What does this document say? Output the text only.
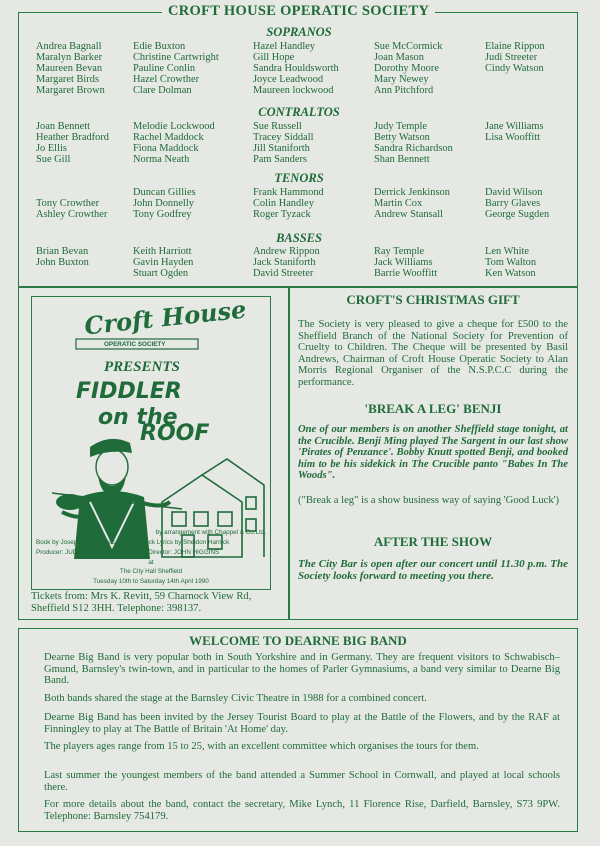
CROFT HOUSE OPERATIC SOCIETY
SOPRANOS
CONTRALTOS
TENORS
BASSES
Andrea Bagnall
Maralyn Barker
Maureen Bevan
Margaret Birds
Margaret Brown
Edie Buxton
Christine Cartwright
Pauline Conlin
Hazel Crowther
Clare Dolman
Hazel Handley
Gill Hope
Sandra Houldsworth
Joyce Leadwood
Maureen lockwood
Sue McCormick
Joan Mason
Dorothy Moore
Mary Newey
Ann Pitchford
Elaine Rippon
Judi Streeter
Cindy Watson
Joan Bennett
Heather Bradford
Jo Ellis
Sue Gill
Melodie Lockwood
Rachel Maddock
Fiona Maddock
Norma Neath
Sue Russell
Tracey Siddall
Jill Staniforth
Pam Sanders
Judy Temple
Betty Watson
Sandra Richardson
Shan Bennett
Jane Williams
Lisa Wooffitt
Tony Crowther
Ashley Crowther
Duncan Gillies
John Donnelly
Tony Godfrey
Frank Hammond
Colin Handley
Roger Tyzack
Derrick Jenkinson
Martin Cox
Andrew Stansall
David Wilson
Barry Glaves
George Sugden
Brian Bevan
John Buxton
Keith Harriott
Gavin Hayden
Stuart Ogden
Andrew Rippon
Jack Staniforth
David Streeter
Ray Temple
Jack Williams
Barrie Wooffitt
Len White
Tom Walton
Ken Watson
Croft House
OPERATIC SOCIETY
PRESENTS
FIDDLER
on the
ROOF
by arrangement with Chappel & Co.Ltd.
Book by Joseph Stein Music by Jerry Bock Lyrics by Sheldon Harnick
Producer: JUDITH SILVESTER Musical Director: JOHN HIGGINS
at
The City Hall Sheffield
Tuesday 10th to Saturday 14th April 1990
Tickets from: Mrs K. Revitt, 59 Charnock View Rd, Sheffield S12 3HH. Telephone: 398137.
CROFT'S CHRISTMAS GIFT
The Society is very pleased to give a cheque for £500 to the Sheffield Branch of the National Society for Prevention of Cruelty to Children. The Cheque will be presented by Basil Andrews, Chairman of Croft House Operatic Society to Alan Morris Regional Organiser of the N.S.P.C.C during the performance.
'BREAK A LEG' BENJI
One of our members is on another Sheffield stage tonight, at the Crucible. Benji Ming played The Sargent in our last show 'Pirates of Penzance'. Bobby Knutt spotted Benji, and booked him to be his sidekick in The Crucible panto "Babes In The Woods".
("Break a leg" is a show business way of saying 'Good Luck')
AFTER THE SHOW
The City Bar is open after our concert until 11.30 p.m. The Society looks forward to meeting you there.
WELCOME TO DEARNE BIG BAND
Dearne Big Band is very popular both in South Yorkshire and in Germany. They are frequent visitors to Schwabisch–Gmund, Barnsley's twin-town, and in particular to the homes of Parler Gymnasiums, a band very similar to Dearne Big Band.
Both bands shared the stage at the Barnsley Civic Theatre in 1988 for a combined concert.
Dearne Big Band has been invited by the Jersey Tourist Board to play at the Battle of the Flowers, and by the RAF at Finningley to play at The Battle of Britain 'At Home' day.
The players ages range from 15 to 25, with an excellent committee which organises the tours for them.
Last summer the youngest members of the band attended a Summer School in Cornwall, and played at local schools there.
For more details about the band, contact the secretary, Mike Lynch, 11 Florence Rise, Darfield, Barnsley, S73 9PW. Telephone: Barnsley 754179.
